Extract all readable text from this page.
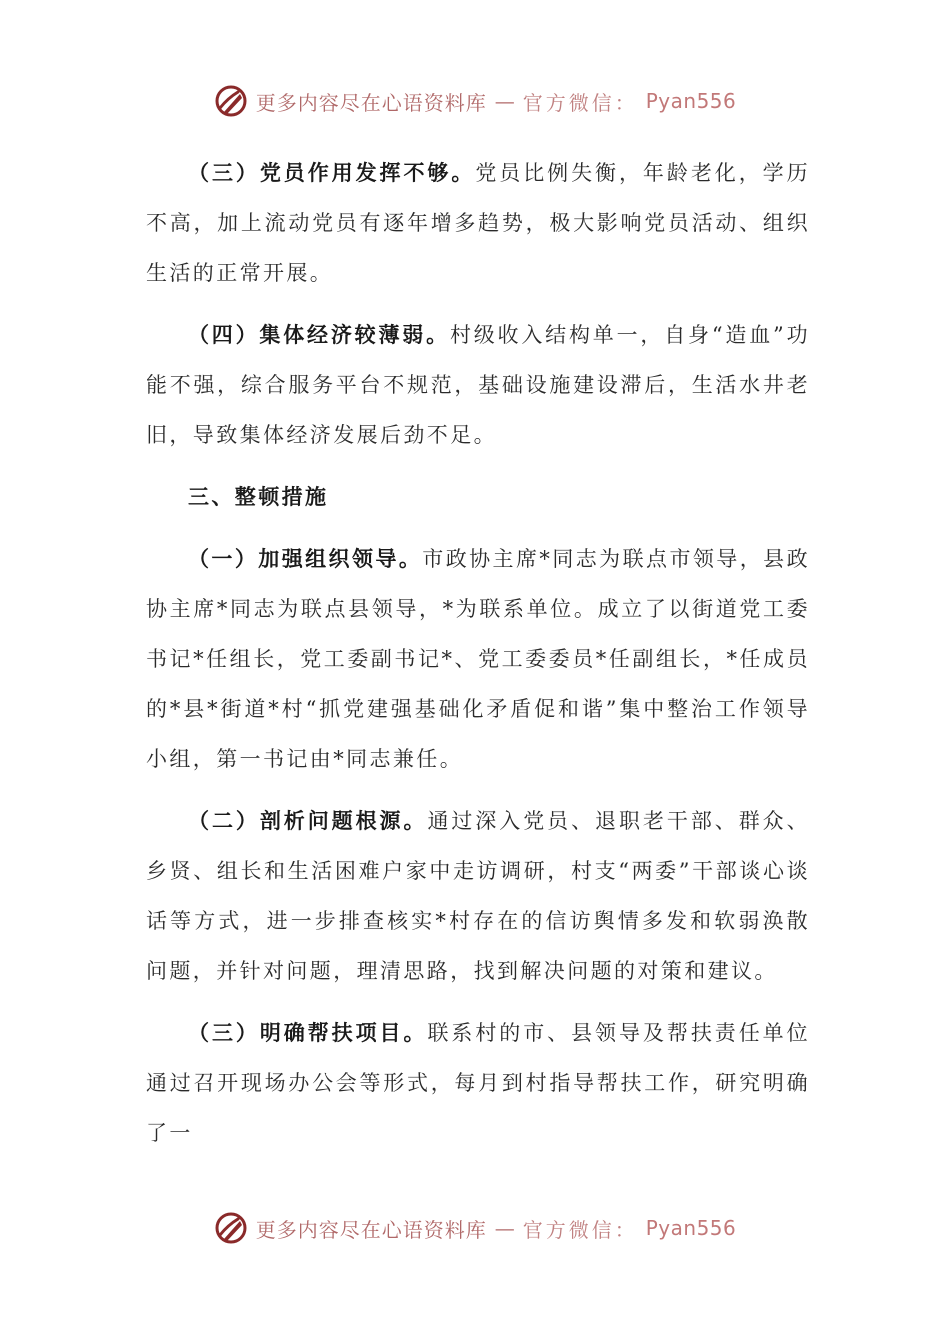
更多内容尽在心语资料库 — 官方微信： Pyan556

（三）党员作用发挥不够。党员比例失衡，年龄老化，学历不高，加上流动党员有逐年增多趋势，极大影响党员活动、组织生活的正常开展。

（四）集体经济较薄弱。村级收入结构单一，自身“造血”功能不强，综合服务平台不规范，基础设施建设滞后，生活水井老旧，导致集体经济发展后劲不足。

三、整顿措施

（一）加强组织领导。市政协主席*同志为联点市领导，县政协主席*同志为联点县领导，*为联系单位。成立了以街道党工委书记*任组长，党工委副书记*、党工委委员*任副组长，*任成员的*县*街道*村“抓党建强基础化矛盾促和谐”集中整治工作领导小组，第一书记由*同志兼任。

（二）剖析问题根源。通过深入党员、退职老干部、群众、乡贤、组长和生活困难户家中走访调研，村支“两委”干部谈心谈话等方式，进一步排查核实*村存在的信访舆情多发和软弱涣散问题，并针对问题，理清思路，找到解决问题的对策和建议。

（三）明确帮扶项目。联系村的市、县领导及帮扶责任单位通过召开现场办公会等形式，每月到村指导帮扶工作，研究明确了一

更多内容尽在心语资料库 — 官方微信： Pyan556
